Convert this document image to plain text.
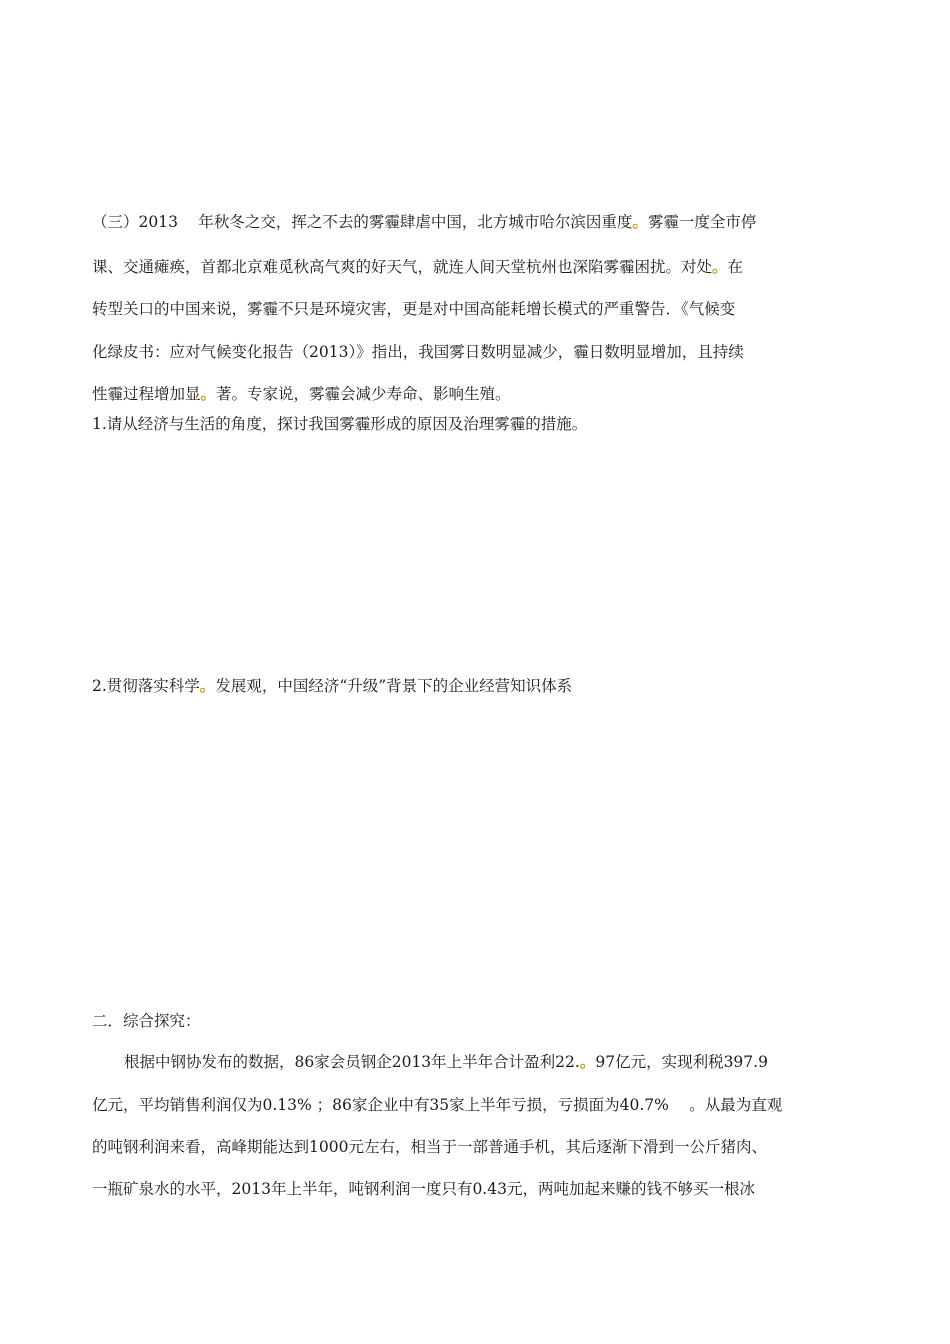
（三）2013　 年秋冬之交，挥之不去的雾霾肆虐中国，北方城市哈尔滨因重度。雾霾一度全市停
课、交通瘫痪，首都北京难觅秋高气爽的好天气，就连人间天堂杭州也深陷雾霾困扰。对处。在
转型关口的中国来说，雾霾不只是环境灾害，更是对中国高能耗增长模式的严重警告．《气候变
化绿皮书：应对气候变化报告（2013）》指出，我国雾日数明显减少，霾日数明显增加，且持续
性霾过程增加显。著。专家说，雾霾会减少寿命、影响生殖。
1.请从经济与生活的角度，探讨我国雾霾形成的原因及治理雾霾的措施。
2.贯彻落实科学。发展观，中国经济“升级”背景下的企业经营知识体系
二．综合探究：
根据中钢协发布的数据，86家会员钢企2013年上半年合计盈利22.。97亿元，实现利税397.9
亿元，平均销售利润仅为0.13% ；86家企业中有35家上半年亏损，亏损面为40.7% 　。从最为直观
的吨钢利润来看，高峰期能达到1000元左右，相当于一部普通手机，其后逐渐下滑到一公斤猪肉、
一瓶矿泉水的水平，2013年上半年，吨钢利润一度只有0.43元，两吨加起来赚的钱不够买一根冰
